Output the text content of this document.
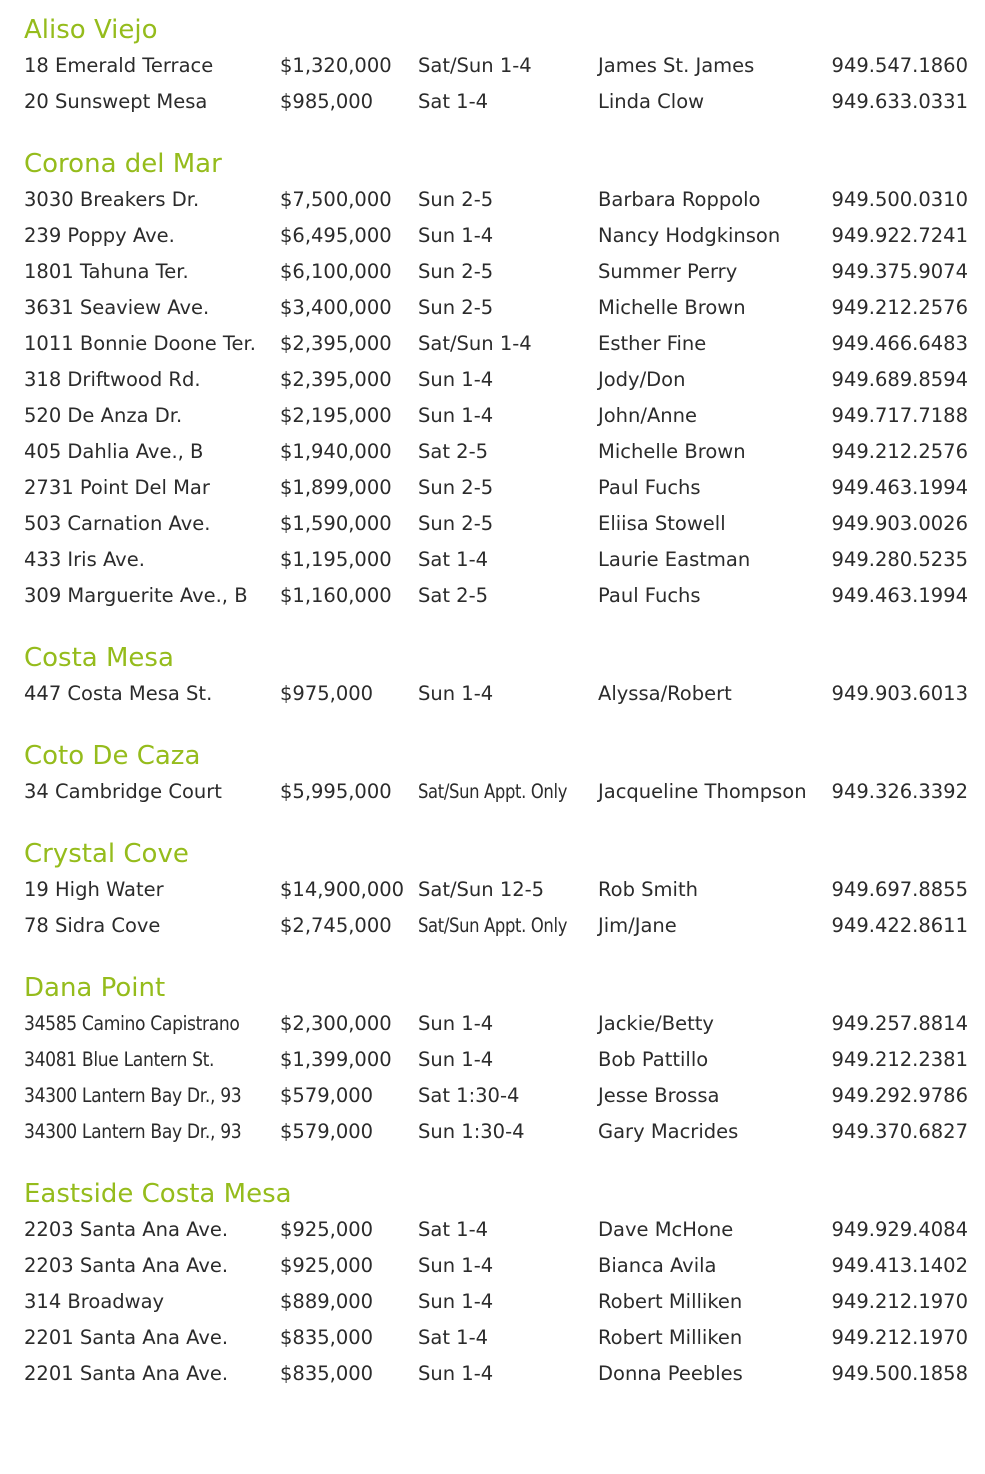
Aliso Viejo
18 Emerald Terrace	$1,320,000 Sat/Sun 1-4	James St. James	949.547.1860
20 Sunswept Mesa	$985,000 Sat 1-4	Linda Clow	949.633.0331
Corona del Mar
3030 Breakers Dr.	$7,500,000 Sun 2-5	Barbara Roppolo	949.500.0310
239 Poppy Ave.	$6,495,000 Sun 1-4	Nancy Hodgkinson	949.922.7241
1801 Tahuna Ter.	$6,100,000 Sun 2-5	Summer Perry	949.375.9074
3631 Seaview Ave.	$3,400,000 Sun 2-5	Michelle Brown	949.212.2576
1011 Bonnie Doone Ter. $2,395,000 Sat/Sun 1-4	Esther Fine	949.466.6483
318 Driftwood Rd.	$2,395,000 Sun 1-4	Jody/Don	949.689.8594
520 De Anza Dr.	$2,195,000 Sun 1-4	John/Anne	949.717.7188
405 Dahlia Ave., B	$1,940,000 Sat 2-5	Michelle Brown	949.212.2576
2731 Point Del Mar	$1,899,000 Sun 2-5	Paul Fuchs	949.463.1994
503 Carnation Ave.	$1,590,000 Sun 2-5	Eliisa Stowell	949.903.0026
433 Iris Ave.	$1,195,000 Sat 1-4	Laurie Eastman	949.280.5235
309 Marguerite Ave., B $1,160,000 Sat 2-5	Paul Fuchs	949.463.1994
Costa Mesa
447 Costa Mesa St.	$975,000 Sun 1-4	Alyssa/Robert	949.903.6013
Coto De Caza
34 Cambridge Court	$5,995,000 Sat/Sun Appt. Only Jacqueline Thompson 949.326.3392
Crystal Cove
19 High Water	$14,900,000 Sat/Sun 12-5	Rob Smith	949.697.8855
78 Sidra Cove	$2,745,000 Sat/Sun Appt. Only Jim/Jane	949.422.8611
Dana Point
34585 Camino Capistrano $2,300,000 Sun 1-4	Jackie/Betty	949.257.8814
34081 Blue Lantern St.	$1,399,000 Sun 1-4	Bob Pattillo	949.212.2381
34300 Lantern Bay Dr., 93 $579,000 Sat 1:30-4	Jesse Brossa	949.292.9786
34300 Lantern Bay Dr., 93 $579,000 Sun 1:30-4	Gary Macrides	949.370.6827
Eastside Costa Mesa
2203 Santa Ana Ave.	$925,000 Sat 1-4	Dave McHone	949.929.4084
2203 Santa Ana Ave.	$925,000 Sun 1-4	Bianca Avila	949.413.1402
314 Broadway	$889,000 Sun 1-4	Robert Milliken	949.212.1970
2201 Santa Ana Ave.	$835,000 Sat 1-4	Robert Milliken	949.212.1970
2201 Santa Ana Ave.	$835,000 Sun 1-4	Donna Peebles	949.500.1858
